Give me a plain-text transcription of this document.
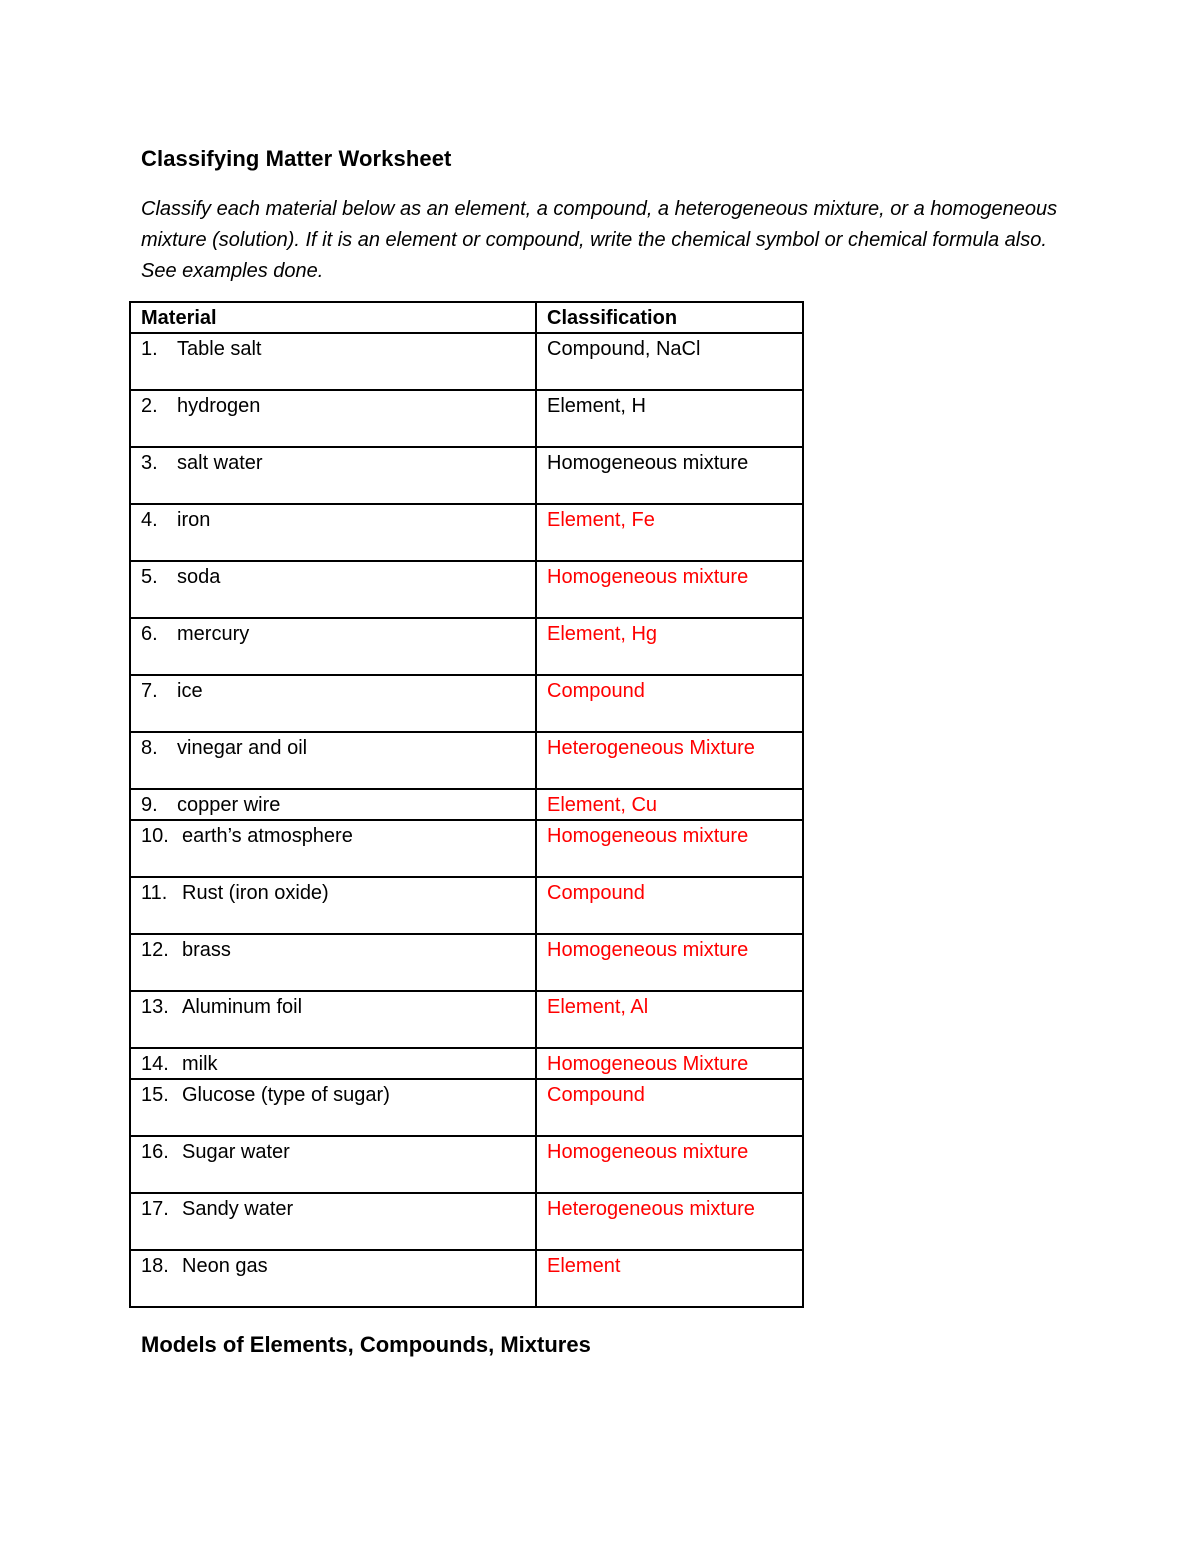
Classifying Matter Worksheet
Classify each material below as an element, a compound, a heterogeneous mixture, or a homogeneous mixture (solution). If it is an element or compound, write the chemical symbol or chemical formula also. See examples done.
Material	Classification
1. Table salt	Compound, NaCl
2. hydrogen	Element, H
3. salt water	Homogeneous mixture
4. iron	Element, Fe
5. soda	Homogeneous mixture
6. mercury	Element, Hg
7. ice	Compound
8. vinegar and oil	Heterogeneous Mixture
9. copper wire	Element, Cu
10. earth’s atmosphere	Homogeneous mixture
11. Rust (iron oxide)	Compound
12. brass	Homogeneous mixture
13. Aluminum foil	Element, Al
14. milk	Homogeneous Mixture
15. Glucose (type of sugar)	Compound
16. Sugar water	Homogeneous mixture
17. Sandy water	Heterogeneous mixture
18. Neon gas	Element
Models of Elements, Compounds, Mixtures
